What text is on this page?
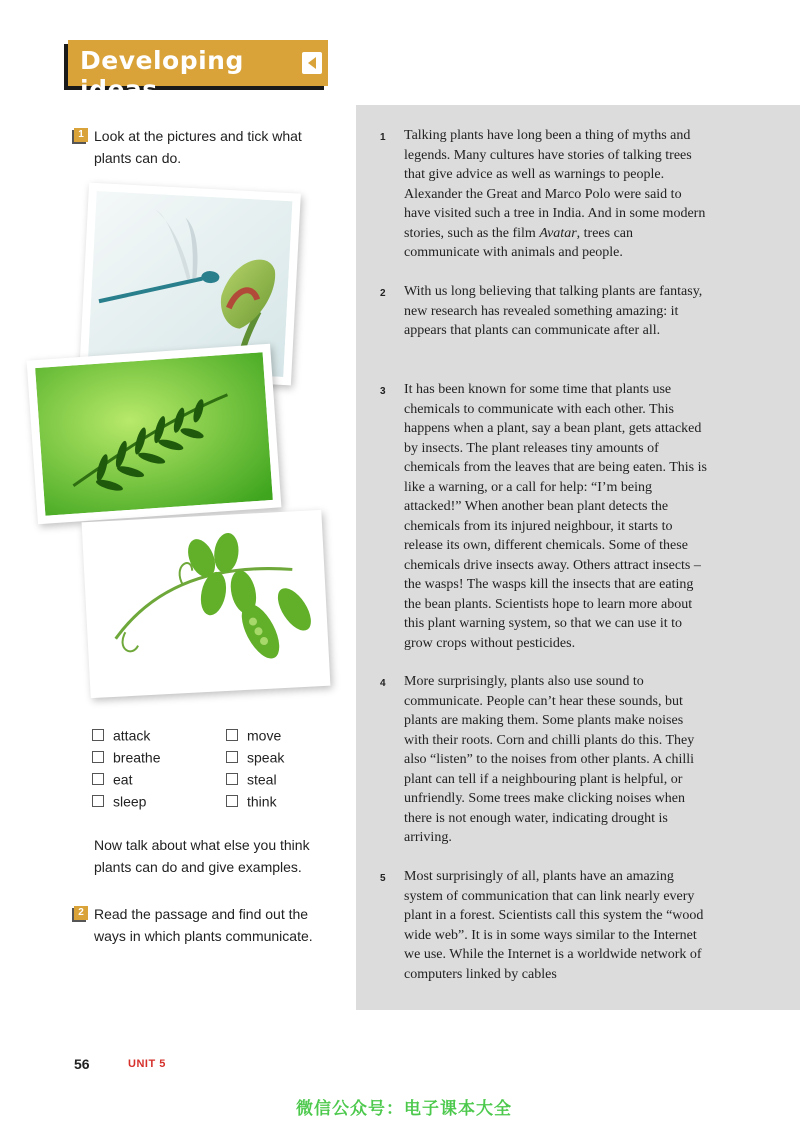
Developing ideas
1 Look at the pictures and tick what plants can do.
attack	move
breathe	speak
eat	steal
sleep	think
Now talk about what else you think plants can do and give examples.
2 Read the passage and find out the ways in which plants communicate.
1 Talking plants have long been a thing of myths and legends. Many cultures have stories of talking trees that give advice as well as warnings to people. Alexander the Great and Marco Polo were said to have visited such a tree in India. And in some modern stories, such as the film Avatar, trees can communicate with animals and people.
2 With us long believing that talking plants are fantasy, new research has revealed something amazing: it appears that plants can communicate after all.
3 It has been known for some time that plants use chemicals to communicate with each other. This happens when a plant, say a bean plant, gets attacked by insects. The plant releases tiny amounts of chemicals from the leaves that are being eaten. This is like a warning, or a call for help: “I’m being attacked!” When another bean plant detects the chemicals from its injured neighbour, it starts to release its own, different chemicals. Some of these chemicals drive insects away. Others attract insects – the wasps! The wasps kill the insects that are eating the bean plants. Scientists hope to learn more about this plant warning system, so that we can use it to grow crops without pesticides.
4 More surprisingly, plants also use sound to communicate. People can’t hear these sounds, but plants are making them. Some plants make noises with their roots. Corn and chilli plants do this. They also “listen” to the noises from other plants. A chilli plant can tell if a neighbouring plant is helpful, or unfriendly. Some trees make clicking noises when there is not enough water, indicating drought is arriving.
5 Most surprisingly of all, plants have an amazing system of communication that can link nearly every plant in a forest. Scientists call this system the “wood wide web”. It is in some ways similar to the Internet we use. While the Internet is a worldwide network of computers linked by cables
56	UNIT 5
微信公众号：电子课本大全
